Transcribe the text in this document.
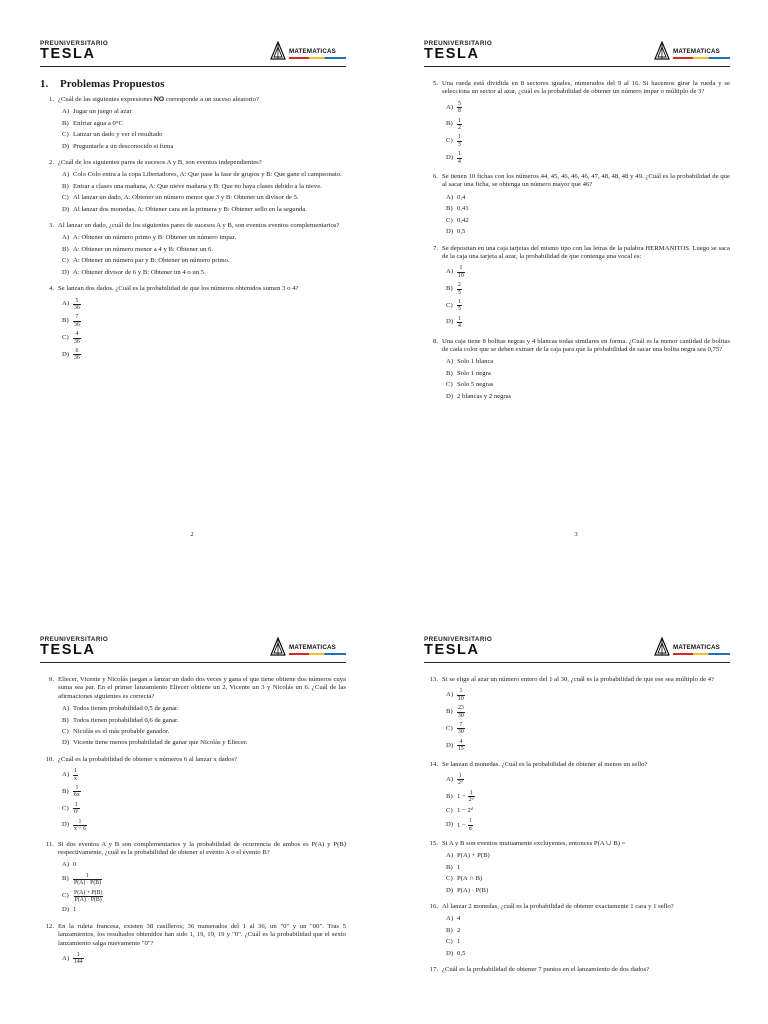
PREUNIVERSITARIO
TESLA	MATEMATICAS
1. Problemas Propuestos
1. ¿Cuál de las siguientes expresiones NO corresponde a un suceso aleatorio?
A) Jugar un juego al azar
B) Enfriar agua a 0°C
C) Lanzar un dado y ver el resultado
D) Preguntarle a un desconocido si fuma
2. ¿Cuál de los siguientes pares de sucesos A y B, son eventos independientes?
A) Colo Colo entra a la copa Libertadores, A: Que pase la fase de grupos y B: Que gane el campeonato.
B) Entrar a clases una mañana, A: Que nieve mañana y B: Que no haya clases debido a la nieve.
C) Al lanzar un dado, A: Obtener un número menor que 3 y B: Obtener un divisor de 5.
D) Al lanzar dos monedas, A: Obtener cara en la primera y B: Obtener sello en la segunda.
3. Al lanzar un dado, ¿cuál de los siguientes pares de sucesos A y B, son eventos eventos complementarios?
A) A: Obtener un número primo y B: Obtener un número impar.
B) A: Obtener un número menor a 4 y B: Obtener un 6.
C) A: Obtener un número par y B: Obtener un número primo.
D) A: Obtener divisor de 6 y B: Obtener un 4 o un 5.
4. Se lanzan dos dados. ¿Cuál es la probabilidad de que los números obtenidos sumen 3 o 4?
$A) \frac{5}{36}$
$B) \frac{7}{36}$
$C) \frac{4}{36}$
$D) \frac{6}{36}$
2
PREUNIVERSITARIO
TESLA	MATEMATICAS
5. Una rueda está dividida en 8 sectores iguales, numerados del 9 al 16. Si hacemos girar la rueda y se selecciona un sector al azar, ¿cuál es la probabilidad de obtener un número impar o múltiplo de 3?
$A) \frac{5}{8}$
$B) \frac{1}{2}$
$C) \frac{1}{3}$
$D) \frac{1}{4}$
6. Se tienen 10 fichas con los números 44, 45, 46, 46, 46, 47, 48, 48, 48 y 49. ¿Cuál es la probabilidad de que al sacar una ficha, se obtenga un número mayor que 46?
A) 0,4
B) 0,41
C) 0,42
D) 0,5
7. Se depositan en una caja tarjetas del mismo tipo con las letras de la palabra HERMANITOS. Luego se saca de la caja una tarjeta al azar, la probabilidad de que contenga una vocal es:
$A) \frac{1}{10}$
$B) \frac{2}{5}$
$C) \frac{1}{5}$
$D) \frac{1}{4}$
8. Una caja tiene 8 bolitas negras y 4 blancas todas similares en forma. ¿Cuál es la menor cantidad de bolitas de cada color que se deben extraer de la caja para que la probabilidad de sacar una bolita negra sea 0,75?
A) Solo 1 blanca
B) Solo 1 negra
C) Solo 5 negras
D) 2 blancas y 2 negras
3
PREUNIVERSITARIO
TESLA	MATEMATICAS
9. Eliecer, Vicente y Nicolás juegan a lanzar un dado dos veces y gana el que tiene obtiene dos números cuya suma sea par. En el primer lanzamiento Eliecer obtiene un 2, Vicente un 3 y Nicolás un 6. ¿Cuál de las afirmaciones siguientes es correcta?
A) Todos tienen probabilidad 0,5 de ganar.
B) Todos tienen probabilidad 0,6 de ganar.
C) Nicolás es el más probable ganador.
D) Vicente tiene menos probabilidad de ganar que Nicolás y Eliecer.
10. ¿Cuál es la probabilidad de obtener x números 6 al lanzar x dados?
$A) \frac{1}{x}$
$B) \frac{1}{6x}$
$C) \frac{1}{\text{6ˣ}}$
$D) \frac{1}{x + 6}$
11. Si dos eventos A y B son complementarios y la probabilidad de ocurrencia de ambos es P(A) y P(B) respectivamente, ¿cuál es la probabilidad de obtener el evento A o el evento B?
A) 0
$B) \frac{1}{P(A) \cdot P(B)}$
$C) \frac{P(A) + P(B)}{P(A) \cdot P(B)}$
D) 1
12. En la ruleta francesa, existen 38 casilleros; 36 numerados del 1 al 36, un "0" y un "00". Tras 5 lanzamientos, los resultados obtenidos han sido 1, 19, 19, 19 y "0". ¿Cuál es la probabilidad que el sexto lanzamiento salga nuevamente "0"?
$A) \frac{1}{144}$
PREUNIVERSITARIO
TESLA	MATEMATICAS
13. Si se elige al azar un número entero del 1 al 30, ¿cuál es la probabilidad de que ese sea múltiplo de 4?
$A) \frac{1}{10}$
$B) \frac{23}{30}$
$C) \frac{7}{30}$
$D) \frac{4}{15}$
14. Se lanzan d monedas. ¿Cuál es la probabilidad de obtener al menos un sello?
$A) \frac{1}{\text{2ᵈ}}$
B) $1 - \frac{1}{\text{2ᵈ}}$
C) 1 − 2ᵈ
D) $1 - \frac{1}{d}$
15. Si A y B son eventos mutuamente excluyentes, entonces P(A ∪ B) =
A) P(A) + P(B)
B) 1
C) P(A ∩ B)
D) P(A) · P(B)
16. Al lanzar 2 monedas, ¿cuál es la probabilidad de obtener exactamente 1 cara y 1 sello?
A) 4
B) 2
C) 1
D) 0,5
17. ¿Cuál es la probabilidad de obtener 7 puntos en el lanzamiento de dos dados?
